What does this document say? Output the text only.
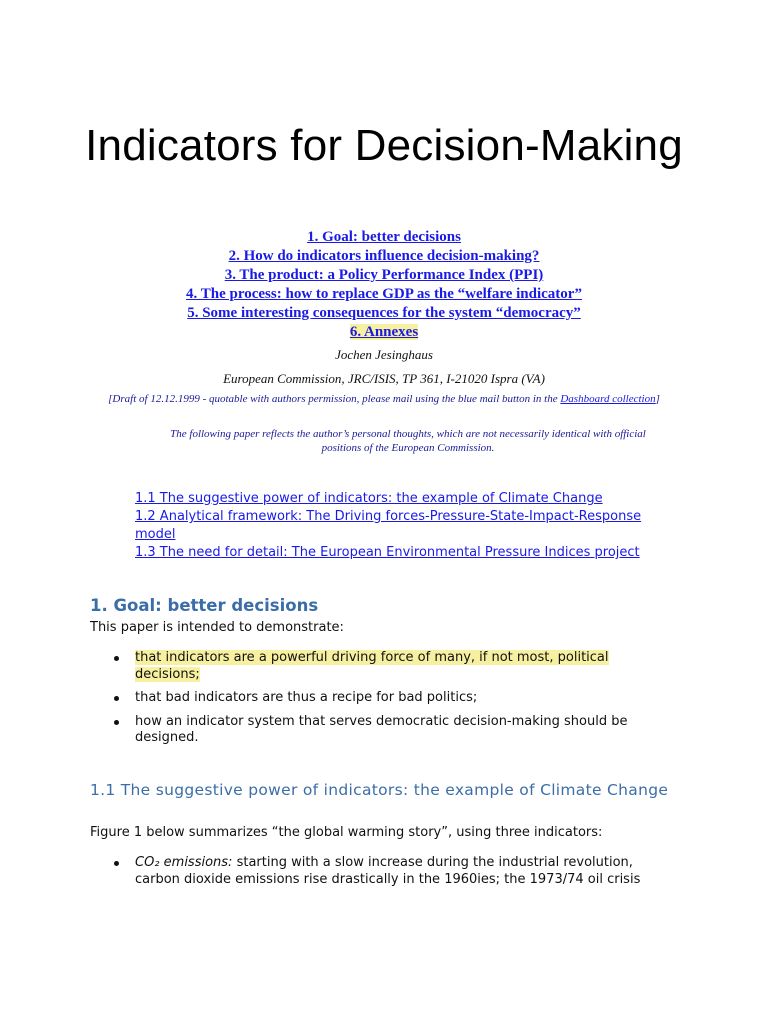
Indicators for Decision-Making
1. Goal: better decisions
2. How do indicators influence decision-making?
3. The product: a Policy Performance Index (PPI)
4. The process: how to replace GDP as the “welfare indicator”
5. Some interesting consequences for the system “democracy”
6. Annexes
Jochen Jesinghaus
European Commission, JRC/ISIS, TP 361, I-21020 Ispra (VA)
[Draft of 12.12.1999 - quotable with authors permission, please mail using the blue mail button in the Dashboard collection]
The following paper reflects the author’s personal thoughts, which are not necessarily identical with official positions of the European Commission.
1.1 The suggestive power of indicators: the example of Climate Change
1.2 Analytical framework: The Driving forces-Pressure-State-Impact-Response model
1.3 The need for detail: The European Environmental Pressure Indices project
1. Goal: better decisions

This paper is intended to demonstrate:

that indicators are a powerful driving force of many, if not most, political decisions;
that bad indicators are thus a recipe for bad politics;
how an indicator system that serves democratic decision-making should be designed.
1.1 The suggestive power of indicators: the example of Climate Change

Figure 1 below summarizes “the global warming story”, using three indicators:

CO₂ emissions: starting with a slow increase during the industrial revolution, carbon dioxide emissions rise drastically in the 1960ies; the 1973/74 oil crisis
